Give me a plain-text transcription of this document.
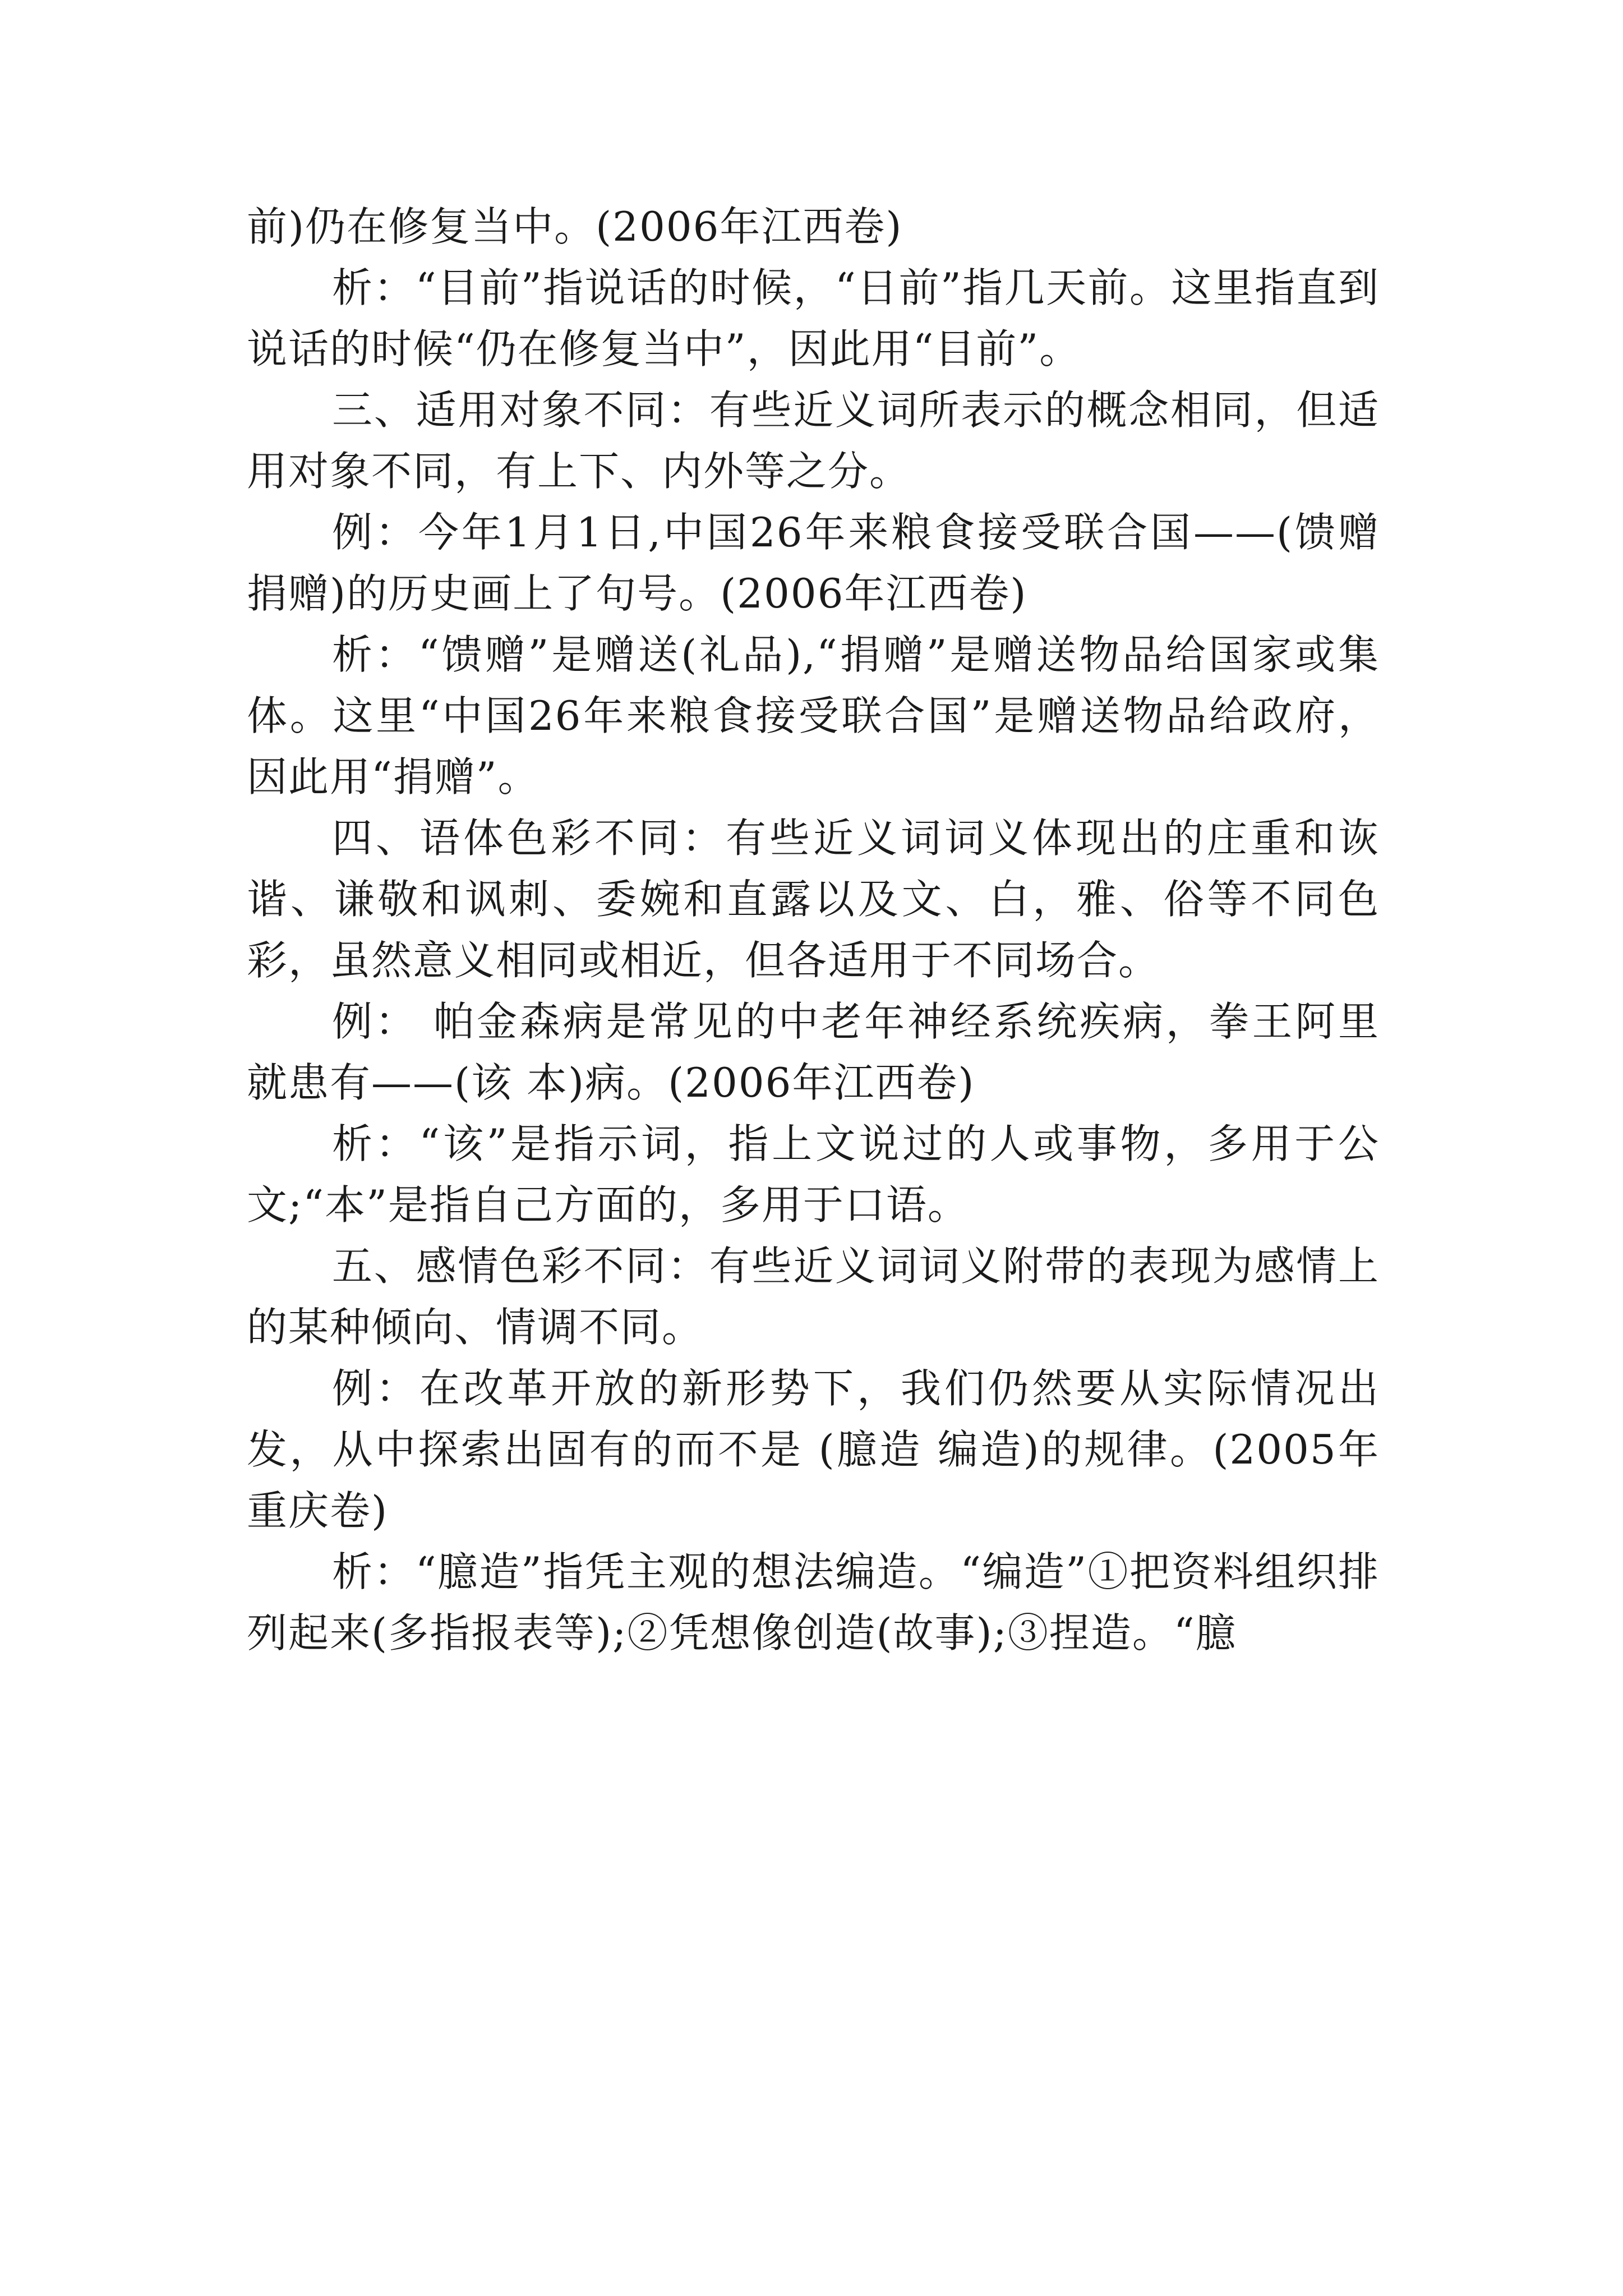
前)仍在修复当中。(2006年江西卷)

析：“目前”指说话的时候，“日前”指几天前。这里指直到说话的时候“仍在修复当中”，因此用“目前”。

三、适用对象不同：有些近义词所表示的概念相同，但适用对象不同，有上下、内外等之分。

例：今年1月1日,中国26年来粮食接受联合国——(馈赠 捐赠)的历史画上了句号。(2006年江西卷)

析：“馈赠”是赠送(礼品),“捐赠”是赠送物品给国家或集体。这里“中国26年来粮食接受联合国”是赠送物品给政府，因此用“捐赠”。

四、语体色彩不同：有些近义词词义体现出的庄重和诙谐、谦敬和讽刺、委婉和直露以及文、白，雅、俗等不同色彩，虽然意义相同或相近，但各适用于不同场合。

例： 帕金森病是常见的中老年神经系统疾病，拳王阿里就患有——(该 本)病。(2006年江西卷)

析：“该”是指示词，指上文说过的人或事物，多用于公文;“本”是指自己方面的，多用于口语。

五、感情色彩不同：有些近义词词义附带的表现为感情上的某种倾向、情调不同。

例：在改革开放的新形势下，我们仍然要从实际情况出发，从中探索出固有的而不是 (臆造 编造)的规律。(2005年重庆卷)

析：“臆造”指凭主观的想法编造。“编造”①把资料组织排列起来(多指报表等);②凭想像创造(故事);③捏造。“臆
